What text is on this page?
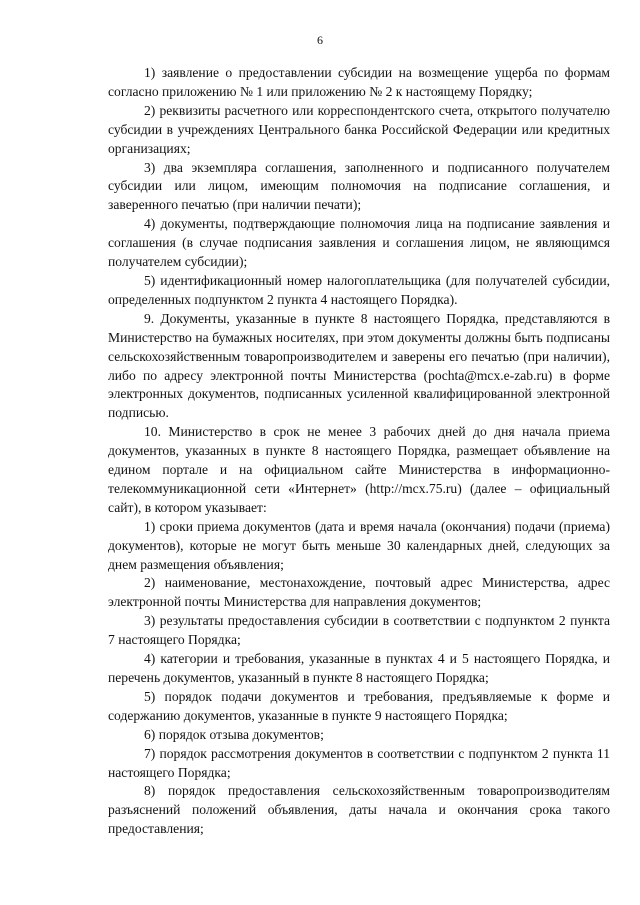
6

1) заявление о предоставлении субсидии на возмещение ущерба по формам согласно приложению № 1 или приложению № 2 к настоящему Порядку;

2) реквизиты расчетного или корреспондентского счета, открытого получателю субсидии в учреждениях Центрального банка Российской Федерации или кредитных организациях;

3) два экземпляра соглашения, заполненного и подписанного получателем субсидии или лицом, имеющим полномочия на подписание соглашения, и заверенного печатью (при наличии печати);

4) документы, подтверждающие полномочия лица на подписание заявления и соглашения (в случае подписания заявления и соглашения лицом, не являющимся получателем субсидии);

5) идентификационный номер налогоплательщика (для получателей субсидии, определенных подпунктом 2 пункта 4 настоящего Порядка).

9. Документы, указанные в пункте 8 настоящего Порядка, представляются в Министерство на бумажных носителях, при этом документы должны быть подписаны сельскохозяйственным товаропроизводителем и заверены его печатью (при наличии), либо по адресу электронной почты Министерства (pochta@mcx.e-zab.ru) в форме электронных документов, подписанных усиленной квалифицированной электронной подписью.

10. Министерство в срок не менее 3 рабочих дней до дня начала приема документов, указанных в пункте 8 настоящего Порядка, размещает объявление на едином портале и на официальном сайте Министерства в информационно-телекоммуникационной сети «Интернет» (http://mcx.75.ru) (далее – официальный сайт), в котором указывает:

1) сроки приема документов (дата и время начала (окончания) подачи (приема) документов), которые не могут быть меньше 30 календарных дней, следующих за днем размещения объявления;

2) наименование, местонахождение, почтовый адрес Министерства, адрес электронной почты Министерства для направления документов;

3) результаты предоставления субсидии в соответствии с подпунктом 2 пункта 7 настоящего Порядка;

4) категории и требования, указанные в пунктах 4 и 5 настоящего Порядка, и перечень документов, указанный в пункте 8 настоящего Порядка;

5) порядок подачи документов и требования, предъявляемые к форме и содержанию документов, указанные в пункте 9 настоящего Порядка;

6) порядок отзыва документов;

7) порядок рассмотрения документов в соответствии с подпунктом 2 пункта 11 настоящего Порядка;

8) порядок предоставления сельскохозяйственным товаропроизводителям разъяснений положений объявления, даты начала и окончания срока такого предоставления;
